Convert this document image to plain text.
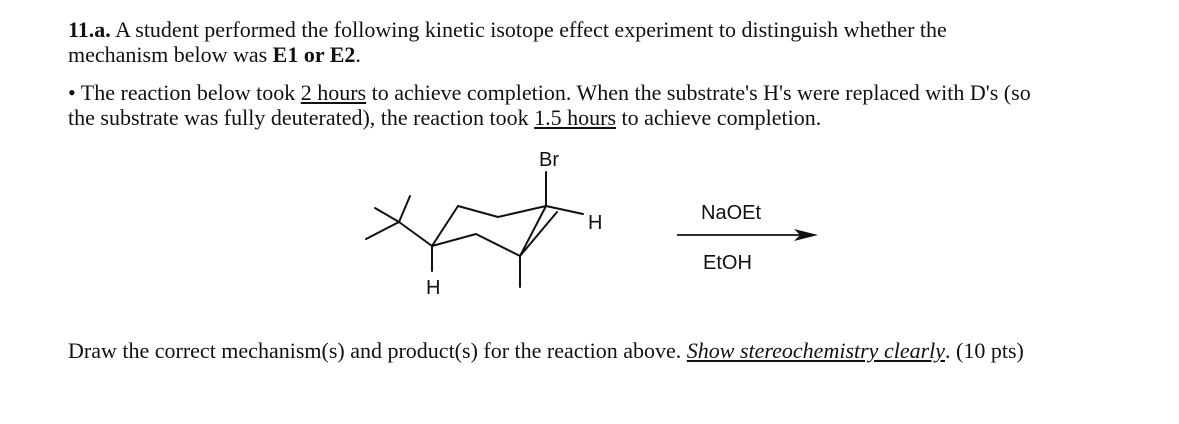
11.a. A student performed the following kinetic isotope effect experiment to distinguish whether the
mechanism below was E1 or E2.

• The reaction below took 2 hours to achieve completion. When the substrate's H's were replaced with D's (so
the substrate was fully deuterated), the reaction took 1.5 hours to achieve completion.

Br
H
H
NaOEt
EtOH

Draw the correct mechanism(s) and product(s) for the reaction above. Show stereochemistry clearly. (10 pts)
